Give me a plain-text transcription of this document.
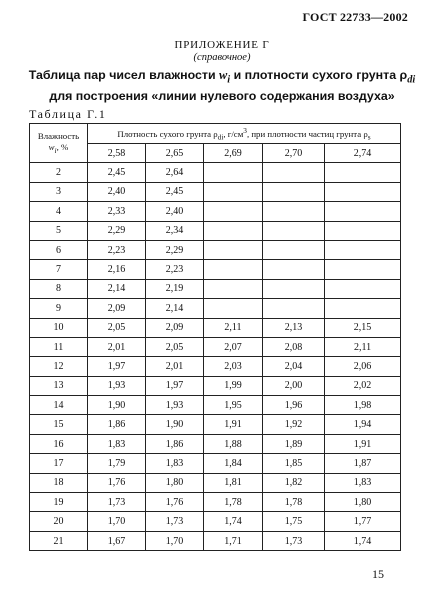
ГОСТ 22733—2002
ПРИЛОЖЕНИЕ Г
(справочное)
Таблица пар чисел влажности $w_i$ и плотности сухого грунта $\rho_{di}$
для построения «линии нулевого содержания воздуха»
Таблица Г.1
Влажность
$w_i$, %	Плотность сухого грунта $\rho_{di}$, $г/см^3$, при плотности частиц грунта $\rho_s$
	2,58	2,65	2,69	2,70	2,74
2	2,45	2,64			
3	2,40	2,45			
4	2,33	2,40			
5	2,29	2,34			
6	2,23	2,29			
7	2,16	2,23			
8	2,14	2,19			
9	2,09	2,14			
10	2,05	2,09	2,11	2,13	2,15
11	2,01	2,05	2,07	2,08	2,11
12	1,97	2,01	2,03	2,04	2,06
13	1,93	1,97	1,99	2,00	2,02
14	1,90	1,93	1,95	1,96	1,98
15	1,86	1,90	1,91	1,92	1,94
16	1,83	1,86	1,88	1,89	1,91
17	1,79	1,83	1,84	1,85	1,87
18	1,76	1,80	1,81	1,82	1,83
19	1,73	1,76	1,78	1,78	1,80
20	1,70	1,73	1,74	1,75	1,77
21	1,67	1,70	1,71	1,73	1,74
15
